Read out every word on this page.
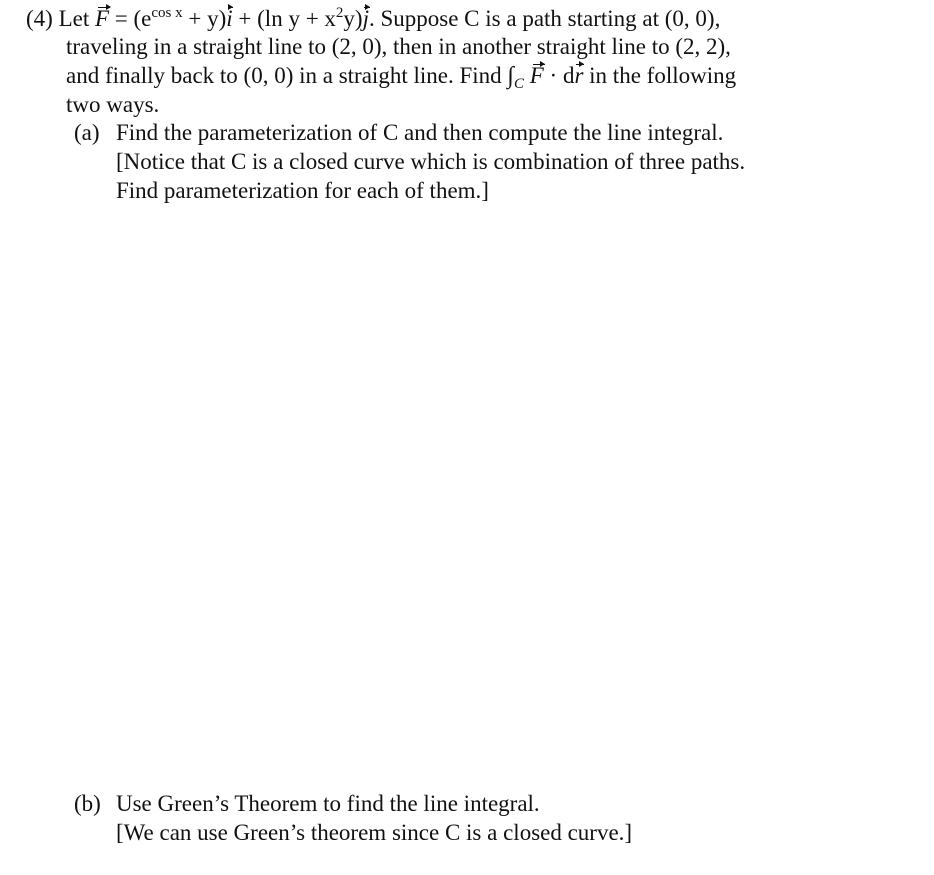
(4) Let $F = (e^{cos x} + y)i + (\ln$ $y + x^2y)j$. Suppose C is a path starting at (0, 0),
traveling in a straight line to (2, 0), then in another straight line to (2, 2),
and finally back to (0, 0) in a straight line. Find $\int_C$ F · dr in the following
two ways.
(a) Find the parameterization of C and then compute the line integral.
[Notice that C is a closed curve which is combination of three paths.
Find parameterization for each of them.]
(b) Use Green’s Theorem to find the line integral.
[We can use Green’s theorem since C is a closed curve.]
